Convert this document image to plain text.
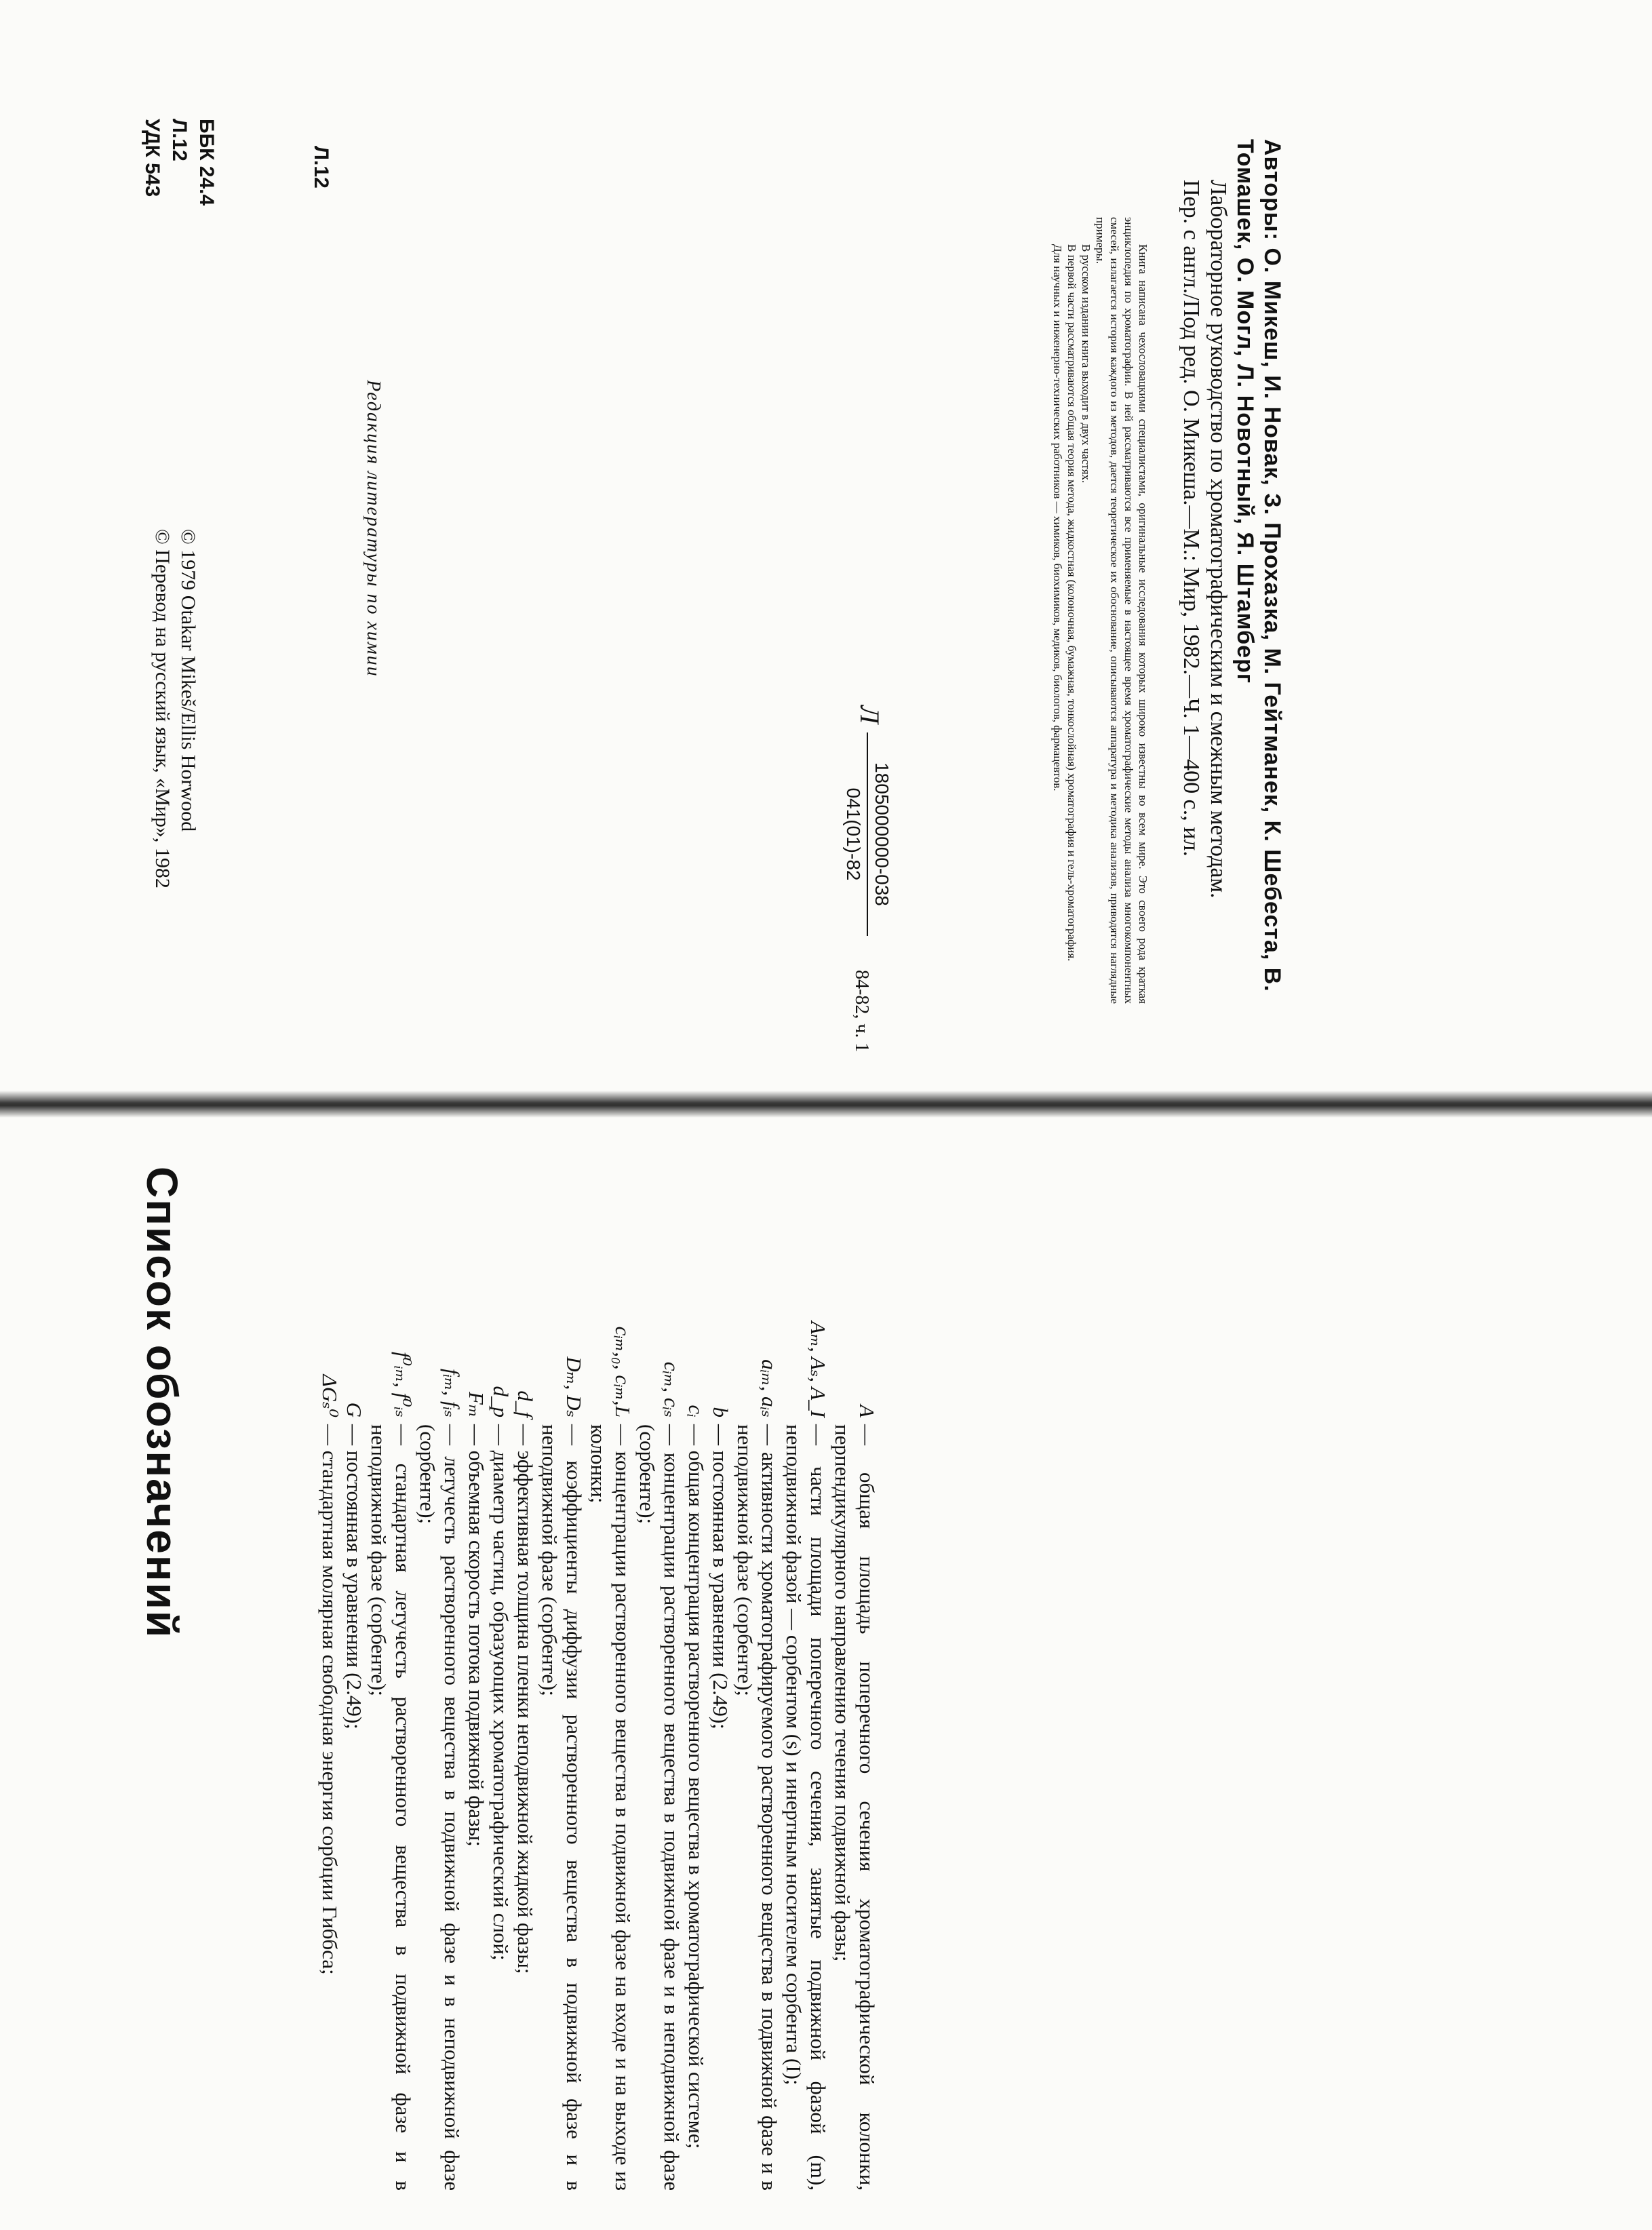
ББК 24.4
Л.12
УДК 543	Л.12	Авторы: О. Микеш, И. Новак, З. Прохазка, М. Гейтманек, К. Шебеста, В. Томашек, О. Могл, Л. Новотный, Я. Штамберг
Лабораторное руководство по хроматографическим и смежным методам.
Пер. с англ./Под ред. О. Микеша.—М.: Мир, 1982.—Ч. 1—400 с., ил.

Книга написана чехословацкими специалистами, оригинальные исследования которых широко известны во всем мире. Это своего рода краткая энциклопедия по хроматографии. В ней рассматриваются все применяемые в настоящее время хроматографические методы анализа многокомпонентных смесей, излагается история каждого из методов, дается теоретическое их обоснование, описываются аппаратура и методика анализов, приводятся наглядные примеры.

В русском издании книга выходит в двух частях.

В первой части рассматриваются общая теория метода, жидкостная (колоночная, бумажная, тонкослойная) хроматография и гель-хроматография.

Для научных и инженерно-технических работников — химиков, биохимиков, медиков, биологов, фармацевтов.

Л
1805000000-038
041(01)-82
84-82, ч. 1
Редакция литературы по химии
© 1979 Otakar Mikeš/Ellis Horwood
© Перевод на русский язык, «Мир», 1982
Список обозначений	A
— общая площадь поперечного сечения хроматографической колонки, перпендикулярного направлению течения подвижной фазы;
Aₘ, Aₛ, A_I
— части площади поперечного сечения, занятые подвижной фазой (m), неподвижной фазой — сорбентом (s) и инертным носителем сорбента (I);
aᵢₘ, aᵢₛ
— активности хроматографируемого растворенного вещества в подвижной фазе и в неподвижной фазе (сорбенте);
b
— постоянная в уравнении (2.49);
cᵢ
— общая концентрация растворенного вещества в хроматографической системе;
cᵢₘ, cᵢₛ
— концентрации растворенного вещества в подвижной фазе и в неподвижной фазе (сорбенте);
cᵢₘ,₀, cᵢₘ,L
— концентрации растворенного вещества в подвижной фазе на входе и на выходе из колонки;
Dₘ, Dₛ
— коэффициенты диффузии растворенного вещества в подвижной фазе и в неподвижной фазе (сорбенте);
d_f
— эффективная толщина пленки неподвижной жидкой фазы;
d_p
— диаметр частиц, образующих хроматографический слой;
Fₘ
— объемная скорость потока подвижной фазы;
fᵢₘ, fᵢₛ
— летучесть растворенного вещества в подвижной фазе и в неподвижной фазе (сорбенте);
f⁰ᵢₘ, f⁰ᵢₛ
— стандартная летучесть растворенного вещества в подвижной фазе и в неподвижной фазе (сорбенте);
G
— постоянная в уравнении (2.49);
ΔGₛ⁰
— стандартная молярная свободная энергия сорбции Гиббса;
